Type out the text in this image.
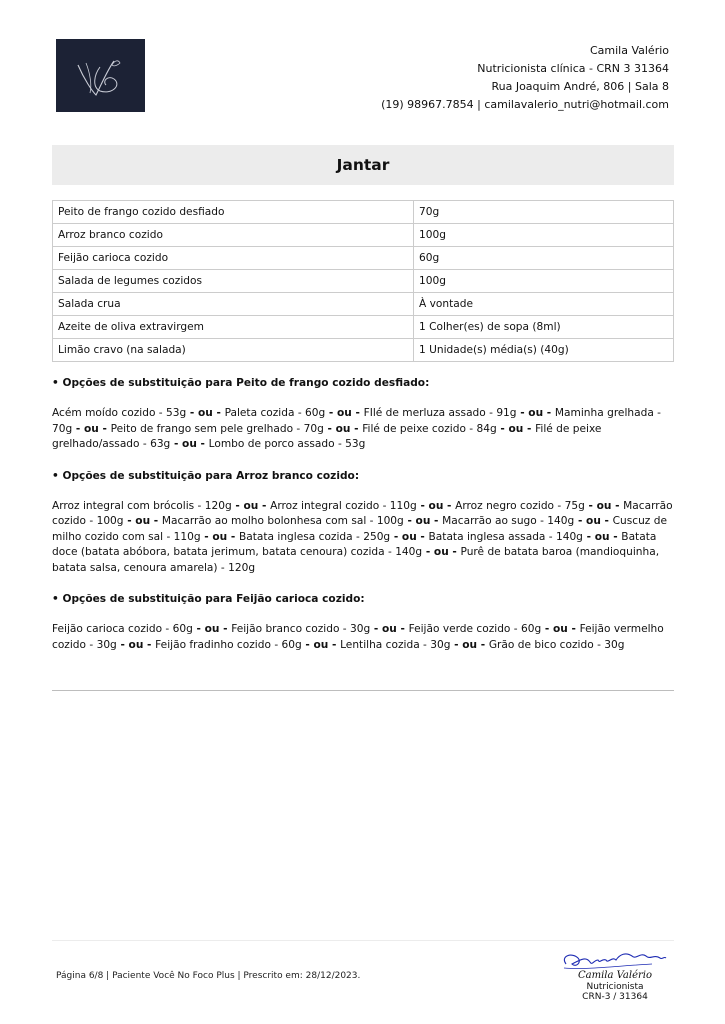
Camila Valério
Nutricionista clínica - CRN 3 31364
Rua Joaquim André, 806 | Sala 8
(19) 98967.7854 | camilavalerio_nutri@hotmail.com
Jantar
Peito de frango cozido desfiado	70g
Arroz branco cozido	100g
Feijão carioca cozido	60g
Salada de legumes cozidos	100g
Salada crua	À vontade
Azeite de oliva extravirgem	1 Colher(es) de sopa (8ml)
Limão cravo (na salada)	1 Unidade(s) média(s) (40g)
• Opções de substituição para Peito de frango cozido desfiado:

Acém moído cozido - 53g - ou - Paleta cozida - 60g - ou - FIlé de merluza assado - 91g - ou - Maminha grelhada - 70g - ou - Peito de frango sem pele grelhado - 70g - ou - Filé de peixe cozido - 84g - ou - Filé de peixe grelhado/assado - 63g - ou - Lombo de porco assado - 53g

• Opções de substituição para Arroz branco cozido:

Arroz integral com brócolis - 120g - ou - Arroz integral cozido - 110g - ou - Arroz negro cozido - 75g - ou - Macarrão cozido - 100g - ou - Macarrão ao molho bolonhesa com sal - 100g - ou - Macarrão ao sugo - 140g - ou - Cuscuz de milho cozido com sal - 110g - ou - Batata inglesa cozida - 250g - ou - Batata inglesa assada - 140g - ou - Batata doce (batata abóbora, batata jerimum, batata cenoura) cozida - 140g - ou - Purê de batata baroa (mandioquinha, batata salsa, cenoura amarela) - 120g

• Opções de substituição para Feijão carioca cozido:

Feijão carioca cozido - 60g - ou - Feijão branco cozido - 30g - ou - Feijão verde cozido - 60g - ou - Feijão vermelho cozido - 30g - ou - Feijão fradinho cozido - 60g - ou - Lentilha cozida - 30g - ou - Grão de bico cozido - 30g

Página 6/8 | Paciente Você No Foco Plus | Prescrito em: 28/12/2023.	Camila Valério
Nutricionista
CRN-3 / 31364
